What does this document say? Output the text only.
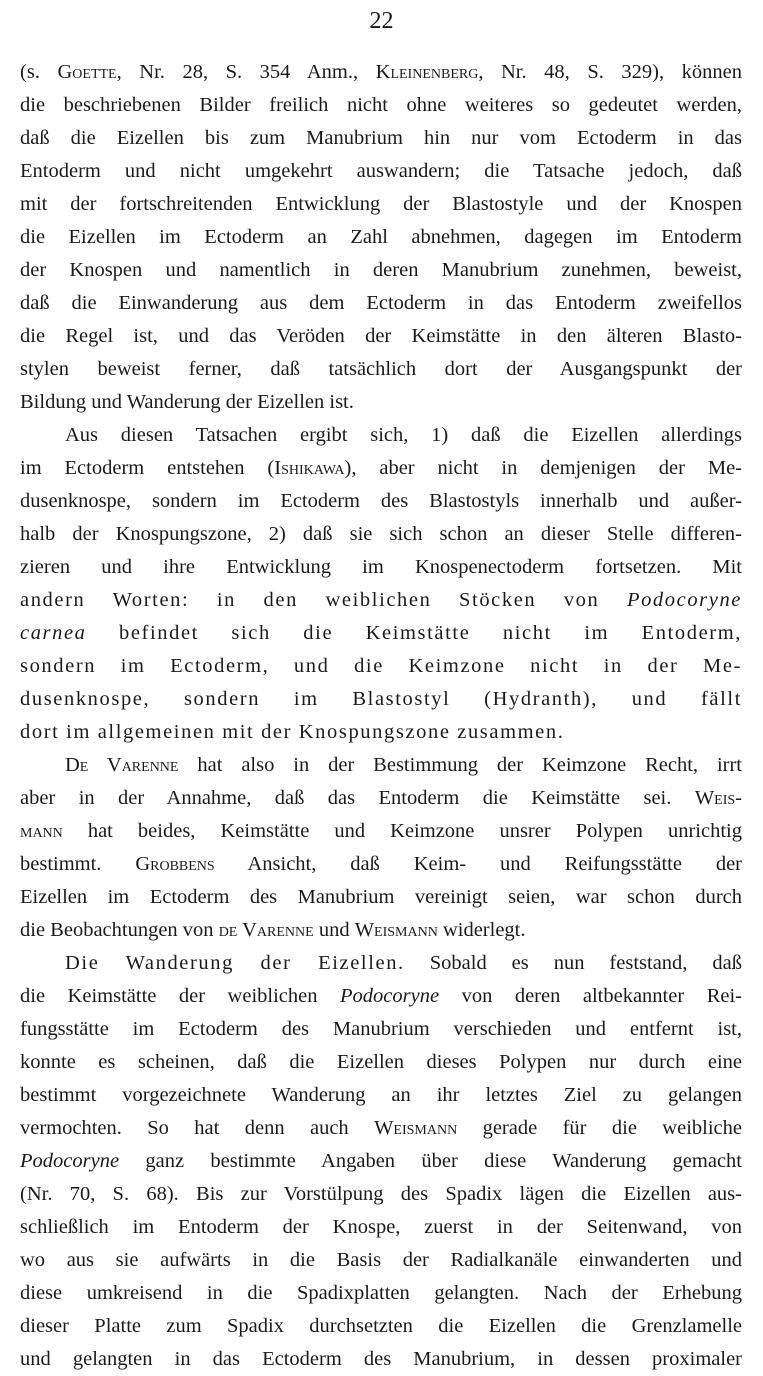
22
(s. Goette, Nr. 28, S. 354 Anm., Kleinenberg, Nr. 48, S. 329), können
die beschriebenen Bilder freilich nicht ohne weiteres so gedeutet werden,
daß die Eizellen bis zum Manubrium hin nur vom Ectoderm in das
Entoderm und nicht umgekehrt auswandern; die Tatsache jedoch, daß
mit der fortschreitenden Entwicklung der Blastostyle und der Knospen
die Eizellen im Ectoderm an Zahl abnehmen, dagegen im Entoderm
der Knospen und namentlich in deren Manubrium zunehmen, beweist,
daß die Einwanderung aus dem Ectoderm in das Entoderm zweifellos
die Regel ist, und das Veröden der Keimstätte in den älteren Blasto-
stylen beweist ferner, daß tatsächlich dort der Ausgangspunkt der
Bildung und Wanderung der Eizellen ist.
Aus diesen Tatsachen ergibt sich, 1) daß die Eizellen allerdings
im Ectoderm entstehen (Ishikawa), aber nicht in demjenigen der Me-
dusenknospe, sondern im Ectoderm des Blastostyls innerhalb und außer-
halb der Knospungszone, 2) daß sie sich schon an dieser Stelle differen-
zieren und ihre Entwicklung im Knospenectoderm fortsetzen. Mit
andern Worten: in den weiblichen Stöcken von Podocoryne
carnea befindet sich die Keimstätte nicht im Entoderm,
sondern im Ectoderm, und die Keimzone nicht in der Me-
dusenknospe, sondern im Blastostyl (Hydranth), und fällt
dort im allgemeinen mit der Knospungszone zusammen.
De Varenne hat also in der Bestimmung der Keimzone Recht, irrt
aber in der Annahme, daß das Entoderm die Keimstätte sei. Weis-
mann hat beides, Keimstätte und Keimzone unsrer Polypen unrichtig
bestimmt. Grobbens Ansicht, daß Keim- und Reifungsstätte der
Eizellen im Ectoderm des Manubrium vereinigt seien, war schon durch
die Beobachtungen von de Varenne und Weismann widerlegt.
Die Wanderung der Eizellen. Sobald es nun feststand, daß
die Keimstätte der weiblichen Podocoryne von deren altbekannter Rei-
fungsstätte im Ectoderm des Manubrium verschieden und entfernt ist,
konnte es scheinen, daß die Eizellen dieses Polypen nur durch eine
bestimmt vorgezeichnete Wanderung an ihr letztes Ziel zu gelangen
vermochten. So hat denn auch Weismann gerade für die weibliche
Podocoryne ganz bestimmte Angaben über diese Wanderung gemacht
(Nr. 70, S. 68). Bis zur Vorstülpung des Spadix lägen die Eizellen aus-
schließlich im Entoderm der Knospe, zuerst in der Seitenwand, von
wo aus sie aufwärts in die Basis der Radialkanäle einwanderten und
diese umkreisend in die Spadixplatten gelangten. Nach der Erhebung
dieser Platte zum Spadix durchsetzten die Eizellen die Grenzlamelle
und gelangten in das Ectoderm des Manubrium, in dessen proximaler
